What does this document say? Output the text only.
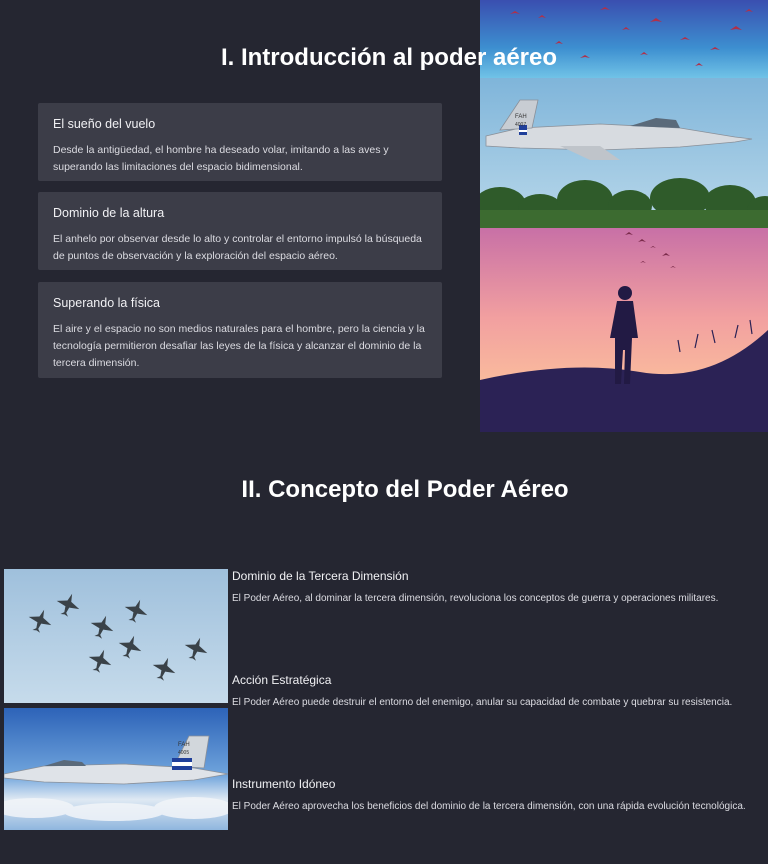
FAH
4007
I. Introducción al poder aéreo

El sueño del vuelo

Desde la antigüedad, el hombre ha deseado volar, imitando a las aves y superando las limitaciones del espacio bidimensional.

Dominio de la altura

El anhelo por observar desde lo alto y controlar el entorno impulsó la búsqueda de puntos de observación y la exploración del espacio aéreo.

Superando la física

El aire y el espacio no son medios naturales para el hombre, pero la ciencia y la tecnología permitieron desafiar las leyes de la física y alcanzar el dominio de la tercera dimensión.

II. Concepto del Poder Aéreo
FAH
4005

Dominio de la Tercera Dimensión

El Poder Aéreo, al dominar la tercera dimensión, revoluciona los conceptos de guerra y operaciones militares.

Acción Estratégica

El Poder Aéreo puede destruir el entorno del enemigo, anular su capacidad de combate y quebrar su resistencia.

Instrumento Idóneo

El Poder Aéreo aprovecha los beneficios del dominio de la tercera dimensión, con una rápida evolución tecnológica.
